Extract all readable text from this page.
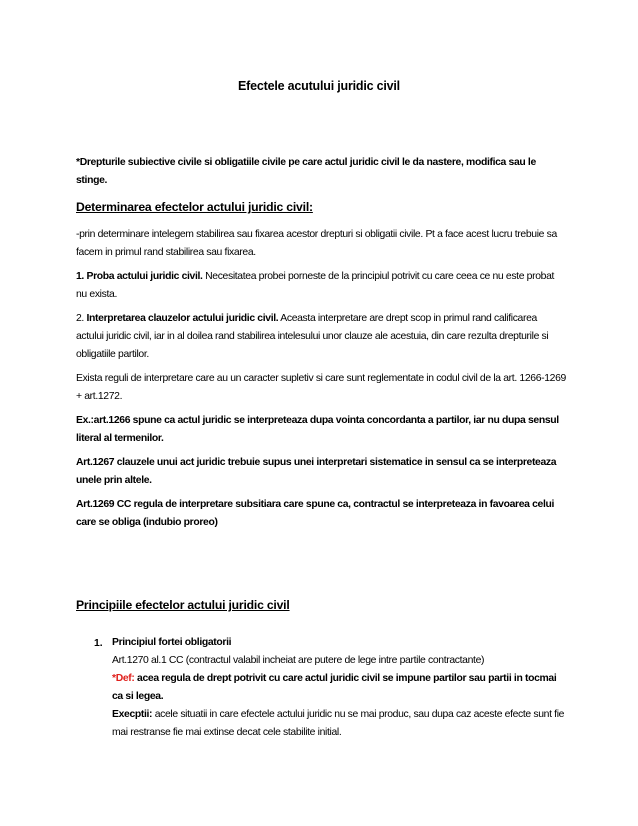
Efectele acutului juridic civil
*Drepturile subiective civile si obligatiile civile pe care actul juridic civil le da nastere, modifica sau le stinge.
Determinarea efectelor actului juridic civil:
-prin determinare intelegem stabilirea sau fixarea acestor drepturi si obligatii civile. Pt a face acest lucru trebuie sa facem in primul rand stabilirea sau fixarea.
1. Proba actului juridic civil. Necesitatea probei porneste de la principiul potrivit cu care ceea ce nu este probat nu exista.
2. Interpretarea clauzelor actului juridic civil. Aceasta interpretare are drept scop in primul rand calificarea actului juridic civil, iar in al doilea rand stabilirea intelesului unor clauze ale acestuia, din care rezulta drepturile si obligatiile partilor.
Exista reguli de interpretare care au un caracter supletiv si care sunt reglementate in codul civil de la art. 1266-1269 + art.1272.
Ex.:art.1266 spune ca actul juridic se interpreteaza dupa vointa concordanta a partilor, iar nu dupa sensul literal al termenilor.
Art.1267 clauzele unui act juridic trebuie supus unei interpretari sistematice in sensul ca se interpreteaza unele prin altele.
Art.1269 CC regula de interpretare subsitiara care spune ca, contractul se interpreteaza in favoarea celui care se obliga (indubio proreo)
Principiile efectelor actului juridic civil
1. Principiul fortei obligatorii
Art.1270 al.1 CC (contractul valabil incheiat are putere de lege intre partile contractante)
*Def: acea regula de drept potrivit cu care actul juridic civil se impune partilor sau partii in tocmai ca si legea.
Execptii: acele situatii in care efectele actului juridic nu se mai produc, sau dupa caz aceste efecte sunt fie mai restranse fie mai extinse decat cele stabilite initial.
